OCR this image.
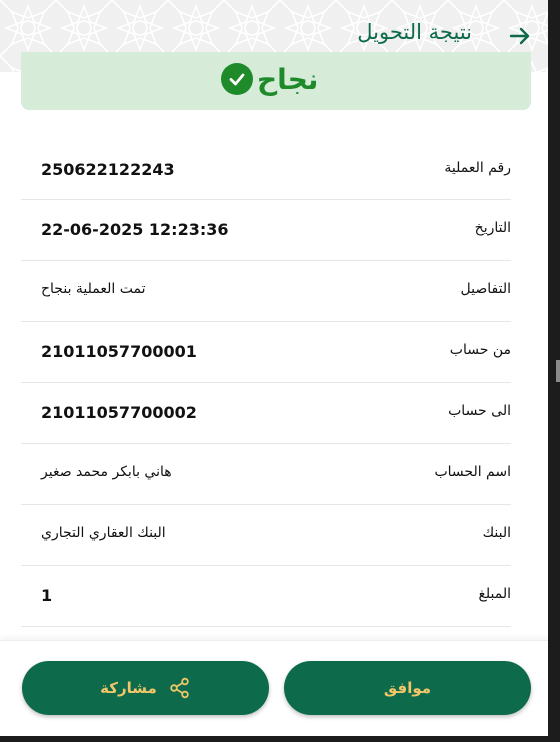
نتيجة التحويل
نجاح
رقم العملية
250622122243
التاريخ
22-06-2025 12:23:36
التفاصيل
تمت العملية بنجاح
من حساب
21011057700001
الى حساب
21011057700002
اسم الحساب
هاني بابكر محمد صغير
البنك
البنك العقاري التجاري
المبلغ
1
مشاركة	موافق
